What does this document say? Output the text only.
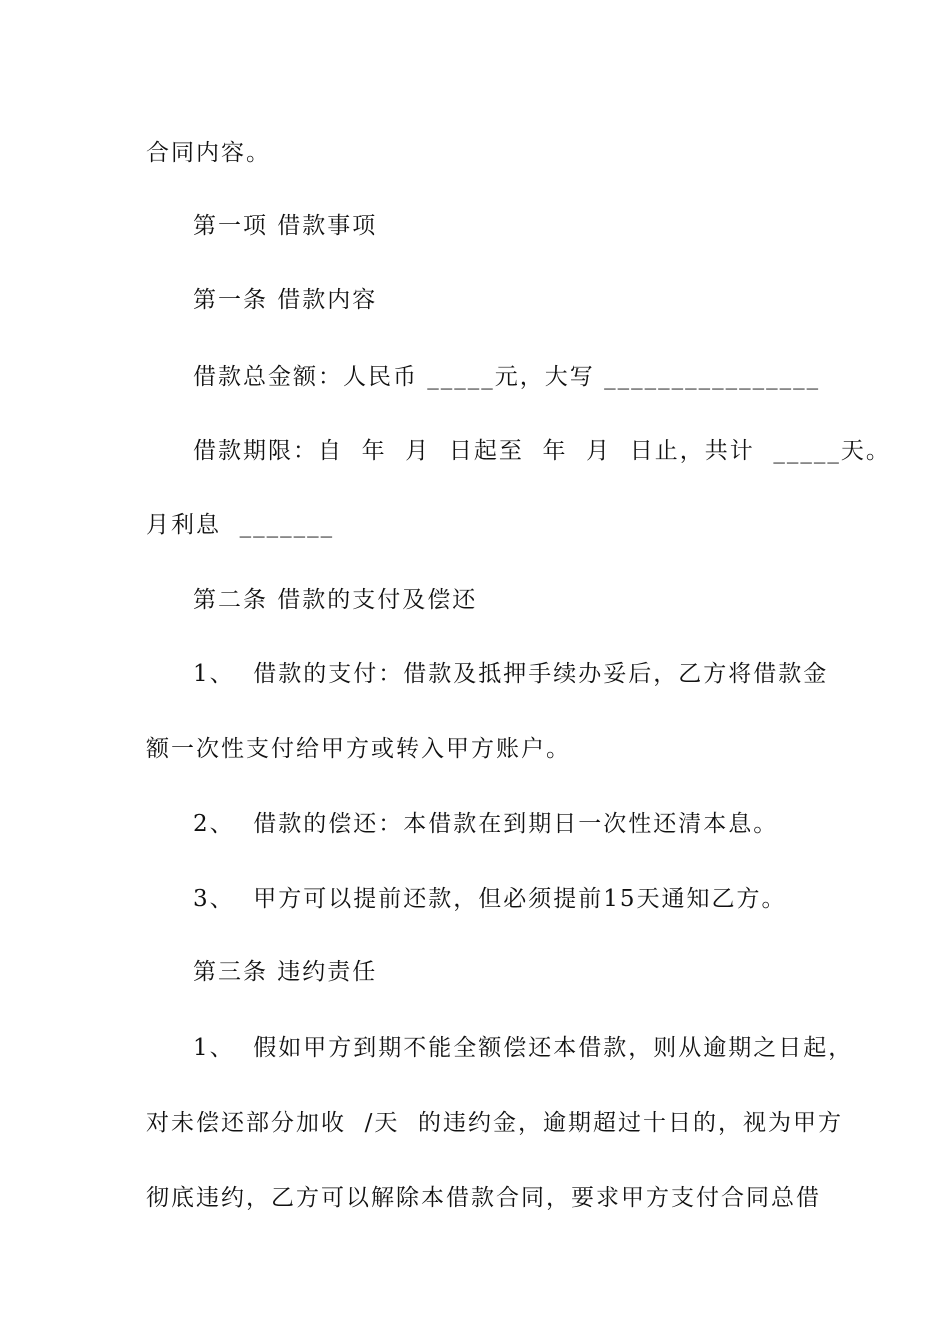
合同内容。
第一项 借款事项
第一条 借款内容
借款总金额：人民币 _____元，大写 ________________
借款期限：自  年  月  日起至  年  月  日止，共计  _____天。
月利息  _______
第二条 借款的支付及偿还
1、  借款的支付：借款及抵押手续办妥后，乙方将借款金
额一次性支付给甲方或转入甲方账户。
2、  借款的偿还：本借款在到期日一次性还清本息。
3、  甲方可以提前还款，但必须提前15天通知乙方。
第三条 违约责任
1、  假如甲方到期不能全额偿还本借款，则从逾期之日起，
对未偿还部分加收  /天  的违约金，逾期超过十日的，视为甲方
彻底违约，乙方可以解除本借款合同，要求甲方支付合同总借
